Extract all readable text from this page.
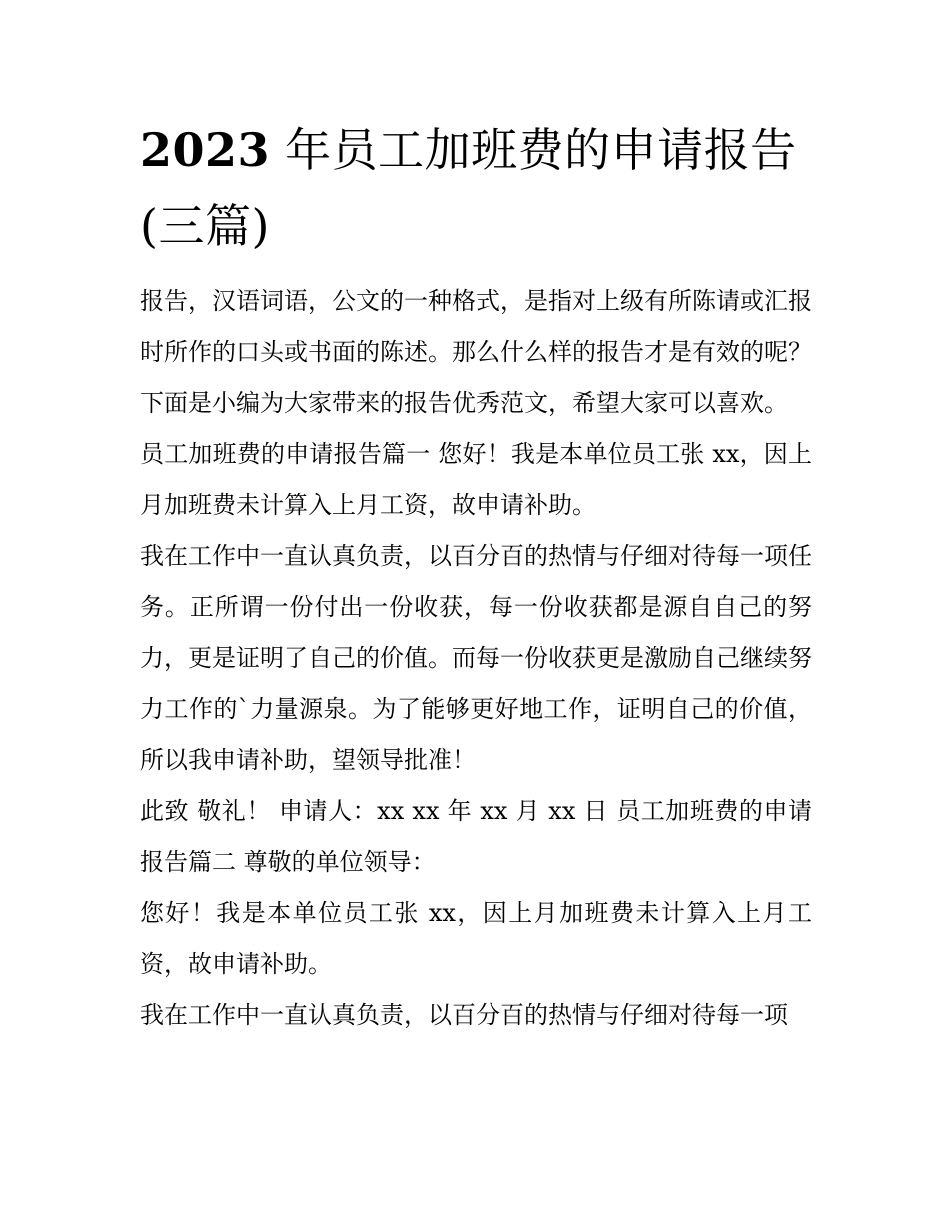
2023 年员工加班费的申请报告(三篇)

报告，汉语词语，公文的一种格式，是指对上级有所陈请或汇报时所作的口头或书面的陈述。那么什么样的报告才是有效的呢？下面是小编为大家带来的报告优秀范文，希望大家可以喜欢。

员工加班费的申请报告篇一 您好！我是本单位员工张 xx，因上月加班费未计算入上月工资，故申请补助。

我在工作中一直认真负责，以百分百的热情与仔细对待每一项任务。正所谓一份付出一份收获，每一份收获都是源自自己的努力，更是证明了自己的价值。而每一份收获更是激励自己继续努力工作的`力量源泉。为了能够更好地工作，证明自己的价值，所以我申请补助，望领导批准！

此致 敬礼！ 申请人：xx xx 年 xx 月 xx 日 员工加班费的申请报告篇二 尊敬的单位领导：

您好！我是本单位员工张 xx，因上月加班费未计算入上月工资，故申请补助。

我在工作中一直认真负责，以百分百的热情与仔细对待每一项
